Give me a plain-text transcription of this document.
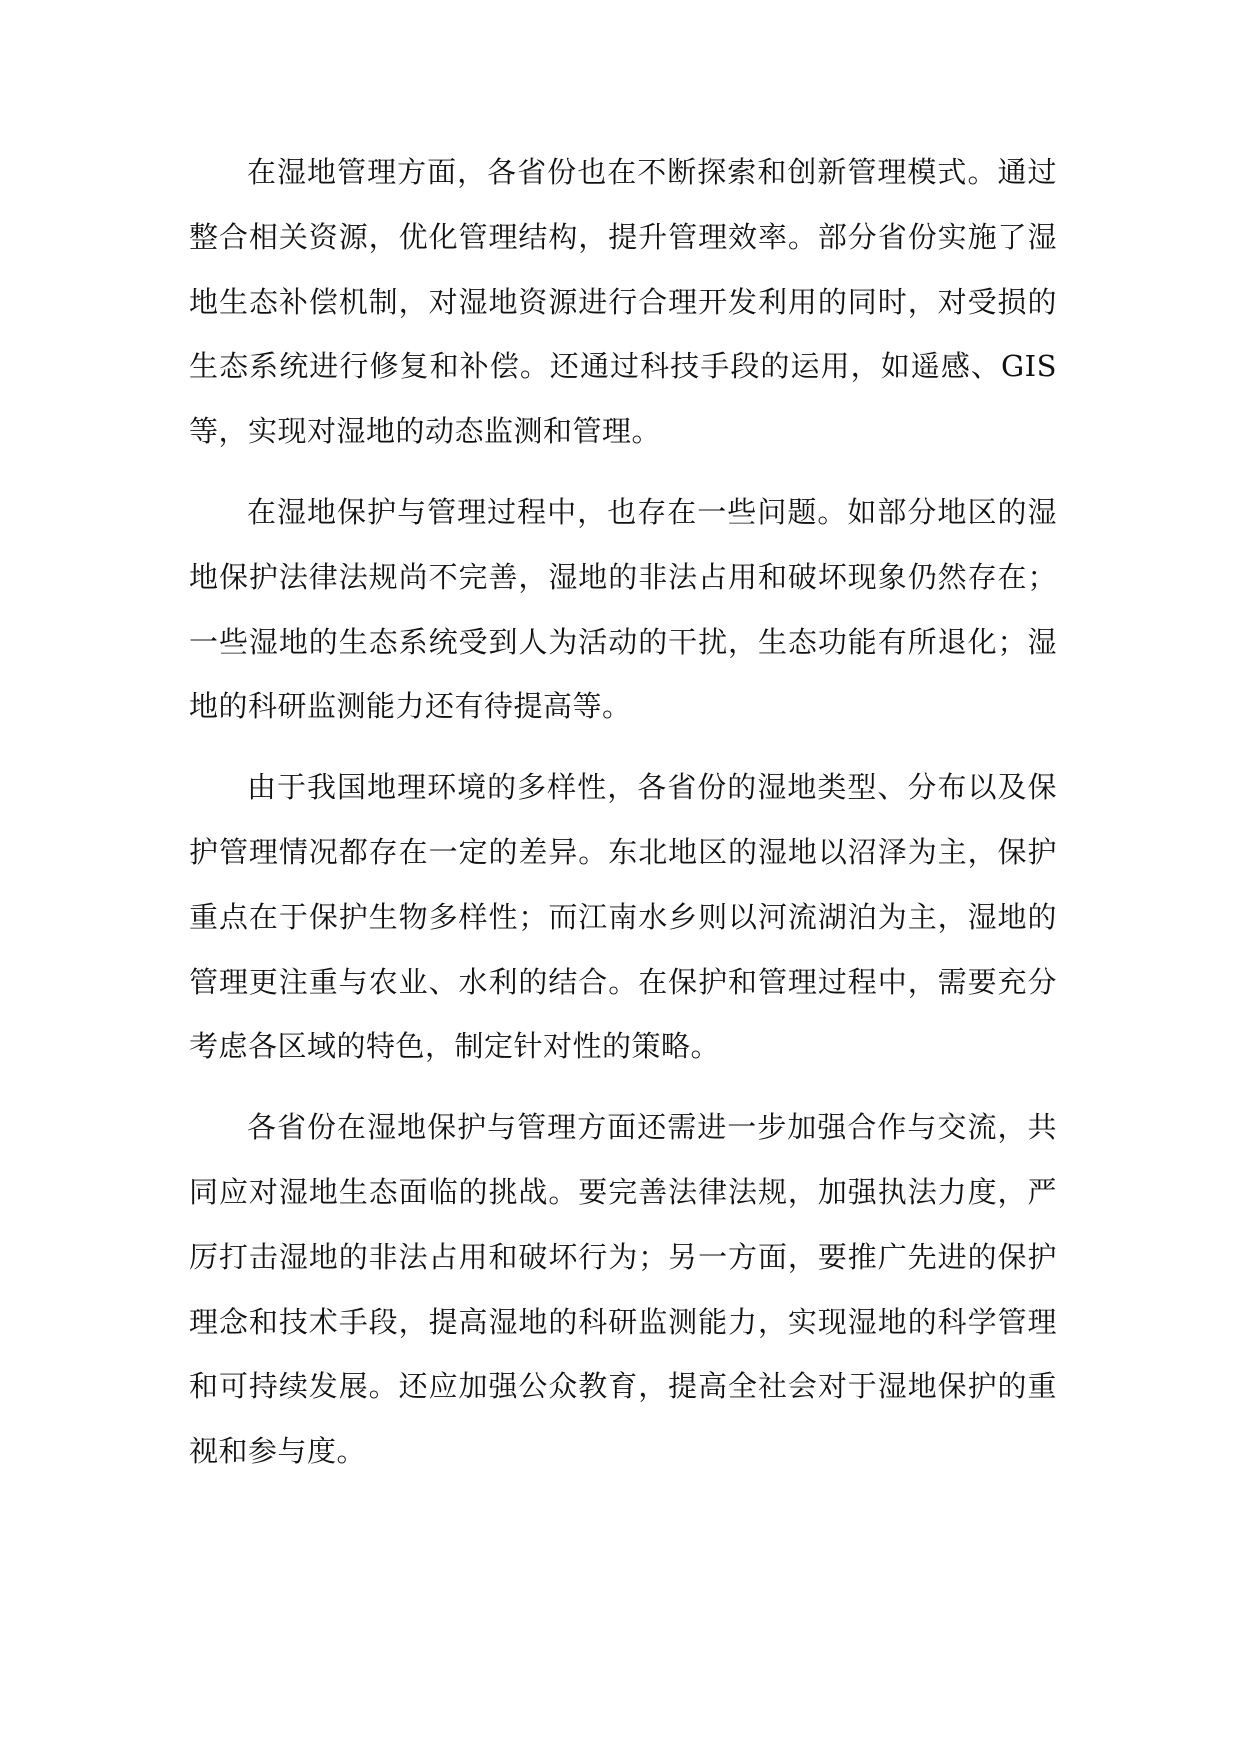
在湿地管理方面，各省份也在不断探索和创新管理模式。通过整合相关资源，优化管理结构，提升管理效率。部分省份实施了湿地生态补偿机制，对湿地资源进行合理开发利用的同时，对受损的生态系统进行修复和补偿。还通过科技手段的运用，如遥感、GIS 等，实现对湿地的动态监测和管理。

在湿地保护与管理过程中，也存在一些问题。如部分地区的湿地保护法律法规尚不完善，湿地的非法占用和破坏现象仍然存在；一些湿地的生态系统受到人为活动的干扰，生态功能有所退化；湿地的科研监测能力还有待提高等。

由于我国地理环境的多样性，各省份的湿地类型、分布以及保护管理情况都存在一定的差异。东北地区的湿地以沼泽为主，保护重点在于保护生物多样性；而江南水乡则以河流湖泊为主，湿地的管理更注重与农业、水利的结合。在保护和管理过程中，需要充分考虑各区域的特色，制定针对性的策略。

各省份在湿地保护与管理方面还需进一步加强合作与交流，共同应对湿地生态面临的挑战。要完善法律法规，加强执法力度，严厉打击湿地的非法占用和破坏行为；另一方面，要推广先进的保护理念和技术手段，提高湿地的科研监测能力，实现湿地的科学管理和可持续发展。还应加强公众教育，提高全社会对于湿地保护的重视和参与度。
